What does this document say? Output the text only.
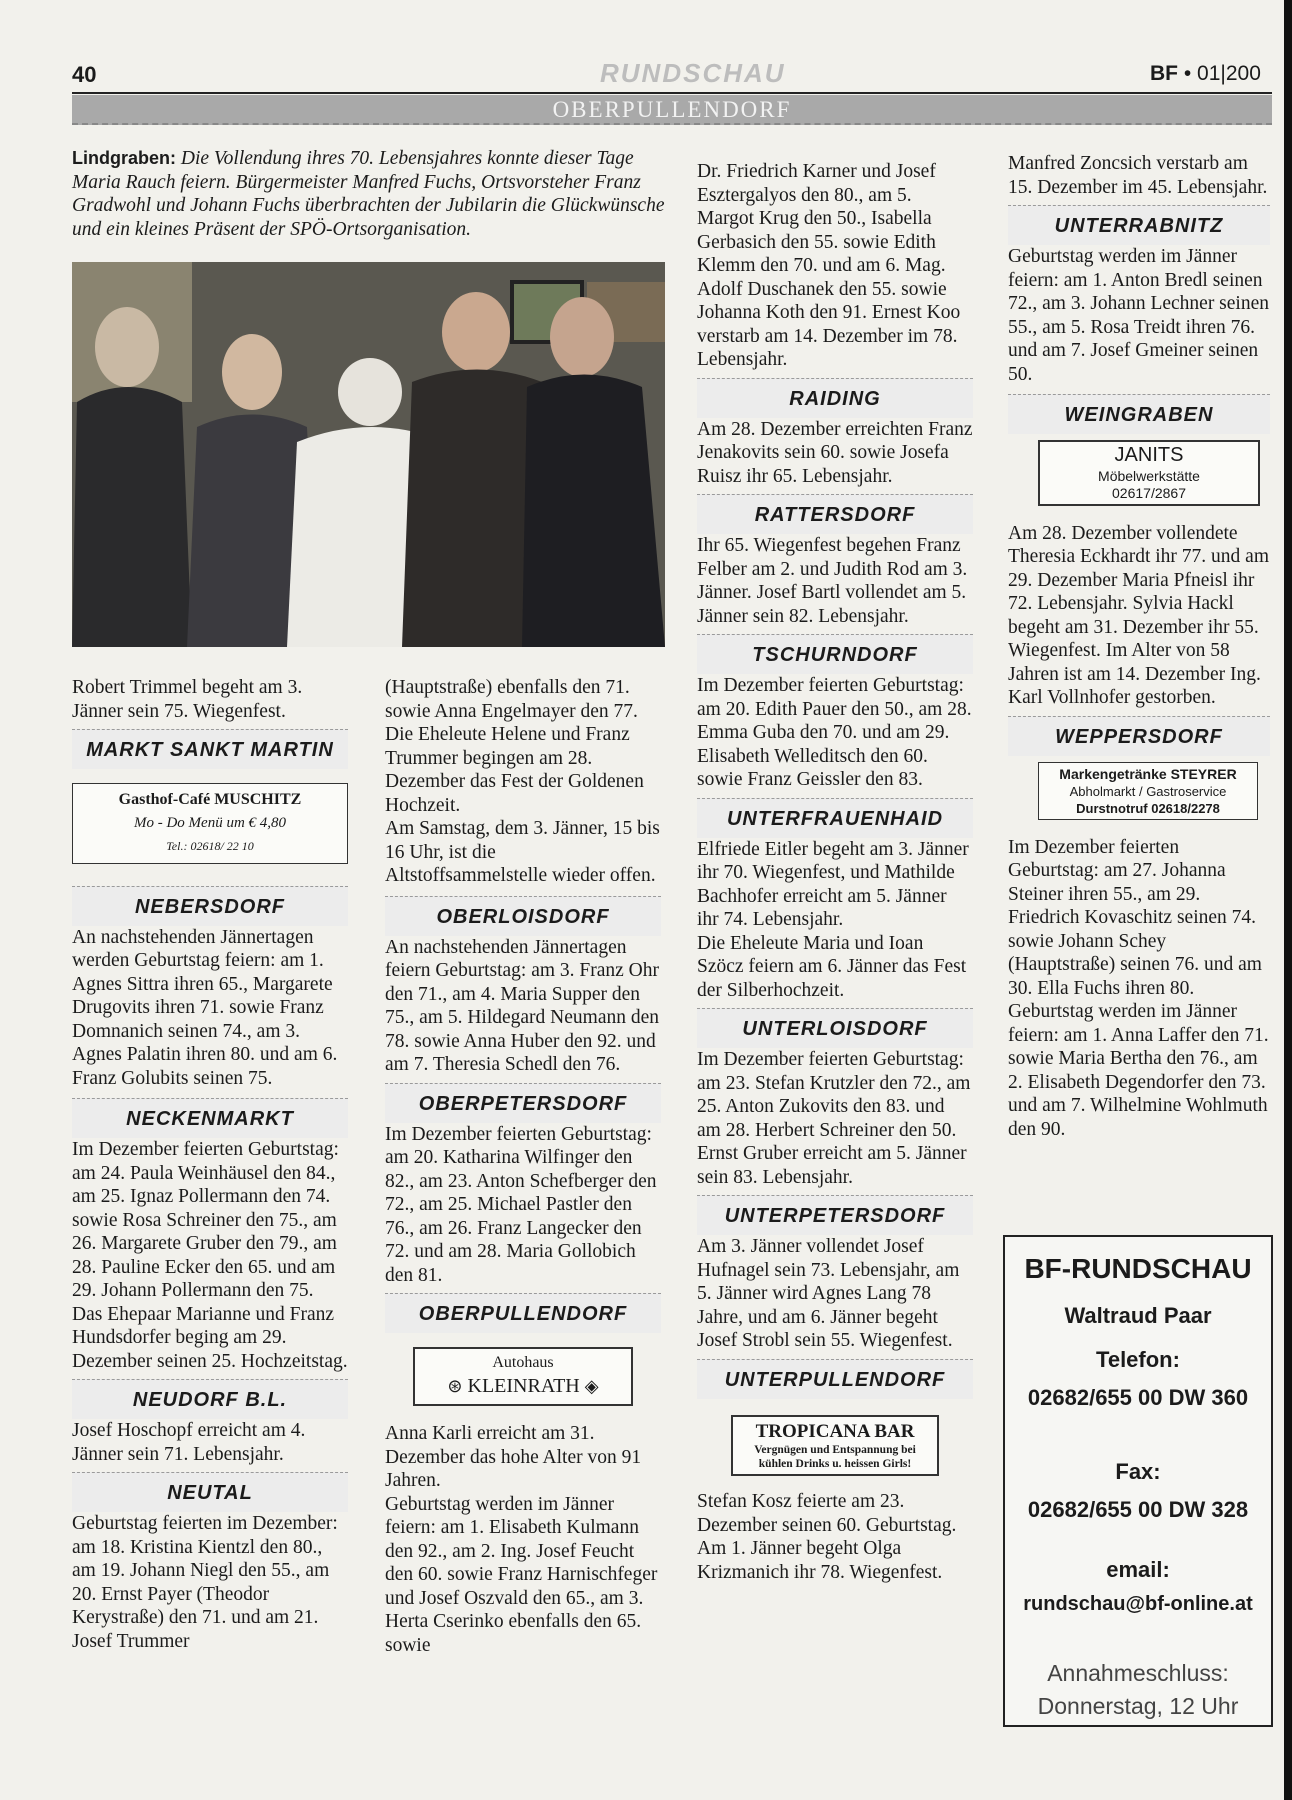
40	RUNDSCHAU	BF • 01|200
OBERPULLENDORF
Lindgraben: Die Vollendung ihres 70. Lebensjahres konnte dieser Tage Maria Rauch feiern. Bürgermeister Manfred Fuchs, Ortsvorsteher Franz Gradwohl und Johann Fuchs überbrachten der Jubilarin die Glückwünsche und ein kleines Präsent der SPÖ-Ortsorganisation.

Robert Trimmel begeht am 3. Jänner sein 75. Wiegenfest.

MARKT SANKT MARTIN
Gasthof-Café MUSCHITZ
Mo - Do Menü um € 4,80
Tel.: 02618/ 22 10
NEBERSDORF

An nachstehenden Jännertagen werden Geburtstag feiern: am 1. Agnes Sittra ihren 65., Margarete Drugovits ihren 71. sowie Franz Domnanich seinen 74., am 3. Agnes Palatin ihren 80. und am 6. Franz Golubits seinen 75.

NECKENMARKT

Im Dezember feierten Geburtstag: am 24. Paula Weinhäusel den 84., am 25. Ignaz Pollermann den 74. sowie Rosa Schreiner den 75., am 26. Margarete Gruber den 79., am 28. Pauline Ecker den 65. und am 29. Johann Pollermann den 75.

Das Ehepaar Marianne und Franz Hundsdorfer beging am 29. Dezember seinen 25. Hochzeitstag.

NEUDORF B.L.

Josef Hoschopf erreicht am 4. Jänner sein 71. Lebensjahr.

NEUTAL

Geburtstag feierten im Dezember: am 18. Kristina Kientzl den 80., am 19. Johann Niegl den 55., am 20. Ernst Payer (Theodor Kerystraße) den 71. und am 21. Josef Trummer

(Hauptstraße) ebenfalls den 71. sowie Anna Engelmayer den 77.

Die Eheleute Helene und Franz Trummer begingen am 28. Dezember das Fest der Goldenen Hochzeit.

Am Samstag, dem 3. Jänner, 15 bis 16 Uhr, ist die Altstoffsammelstelle wieder offen.

OBERLOISDORF

An nachstehenden Jännertagen feiern Geburtstag: am 3. Franz Ohr den 71., am 4. Maria Supper den 75., am 5. Hildegard Neumann den 78. sowie Anna Huber den 92. und am 7. Theresia Schedl den 76.

OBERPETERSDORF

Im Dezember feierten Geburtstag: am 20. Katharina Wilfinger den 82., am 23. Anton Schefberger den 72., am 25. Michael Pastler den 76., am 26. Franz Langecker den 72. und am 28. Maria Gollobich den 81.

OBERPULLENDORF
Autohaus
⊛ KLEINRATH ◈

Anna Karli erreicht am 31. Dezember das hohe Alter von 91 Jahren.

Geburtstag werden im Jänner feiern: am 1. Elisabeth Kulmann den 92., am 2. Ing. Josef Feucht den 60. sowie Franz Harnischfeger und Josef Oszvald den 65., am 3. Herta Cserinko ebenfalls den 65. sowie

Dr. Friedrich Karner und Josef Esztergalyos den 80., am 5. Margot Krug den 50., Isabella Gerbasich den 55. sowie Edith Klemm den 70. und am 6. Mag. Adolf Duschanek den 55. sowie Johanna Koth den 91. Ernest Koo verstarb am 14. Dezember im 78. Lebensjahr.

RAIDING

Am 28. Dezember erreichten Franz Jenakovits sein 60. sowie Josefa Ruisz ihr 65. Lebensjahr.

RATTERSDORF

Ihr 65. Wiegenfest begehen Franz Felber am 2. und Judith Rod am 3. Jänner. Josef Bartl vollendet am 5. Jänner sein 82. Lebensjahr.

TSCHURNDORF

Im Dezember feierten Geburtstag: am 20. Edith Pauer den 50., am 28. Emma Guba den 70. und am 29. Elisabeth Welleditsch den 60. sowie Franz Geissler den 83.

UNTERFRAUENHAID

Elfriede Eitler begeht am 3. Jänner ihr 70. Wiegenfest, und Mathilde Bachhofer erreicht am 5. Jänner ihr 74. Lebensjahr.

Die Eheleute Maria und Ioan Szöcz feiern am 6. Jänner das Fest der Silberhochzeit.

UNTERLOISDORF

Im Dezember feierten Geburtstag: am 23. Stefan Krutzler den 72., am 25. Anton Zukovits den 83. und am 28. Herbert Schreiner den 50.

Ernst Gruber erreicht am 5. Jänner sein 83. Lebensjahr.

UNTERPETERSDORF

Am 3. Jänner vollendet Josef Hufnagel sein 73. Lebensjahr, am 5. Jänner wird Agnes Lang 78 Jahre, und am 6. Jänner begeht Josef Strobl sein 55. Wiegenfest.

UNTERPULLENDORF
TROPICANA BAR
Vergnügen und Entspannung bei kühlen Drinks u. heissen Girls!

Stefan Kosz feierte am 23. Dezember seinen 60. Geburtstag. Am 1. Jänner begeht Olga Krizmanich ihr 78. Wiegenfest.

Manfred Zoncsich verstarb am 15. Dezember im 45. Lebensjahr.

UNTERRABNITZ

Geburtstag werden im Jänner feiern: am 1. Anton Bredl seinen 72., am 3. Johann Lechner seinen 55., am 5. Rosa Treidt ihren 76. und am 7. Josef Gmeiner seinen 50.

WEINGRABEN
JANITS
Möbelwerkstätte
02617/2867

Am 28. Dezember vollendete Theresia Eckhardt ihr 77. und am 29. Dezember Maria Pfneisl ihr 72. Lebensjahr. Sylvia Hackl begeht am 31. Dezember ihr 55. Wiegenfest. Im Alter von 58 Jahren ist am 14. Dezember Ing. Karl Vollnhofer gestorben.

WEPPERSDORF
Markengetränke STEYRER
Abholmarkt / Gastroservice
Durstnotruf 02618/2278

Im Dezember feierten Geburtstag: am 27. Johanna Steiner ihren 55., am 29. Friedrich Kovaschitz seinen 74. sowie Johann Schey (Hauptstraße) seinen 76. und am 30. Ella Fuchs ihren 80.

Geburtstag werden im Jänner feiern: am 1. Anna Laffer den 71. sowie Maria Bertha den 76., am 2. Elisabeth Degendorfer den 73. und am 7. Wilhelmine Wohlmuth den 90.

BF-RUNDSCHAU
Waltraud Paar
Telefon:
02682/655 00 DW 360
Fax:
02682/655 00 DW 328
email:
rundschau@bf-online.at
Annahmeschluss:
Donnerstag, 12 Uhr
